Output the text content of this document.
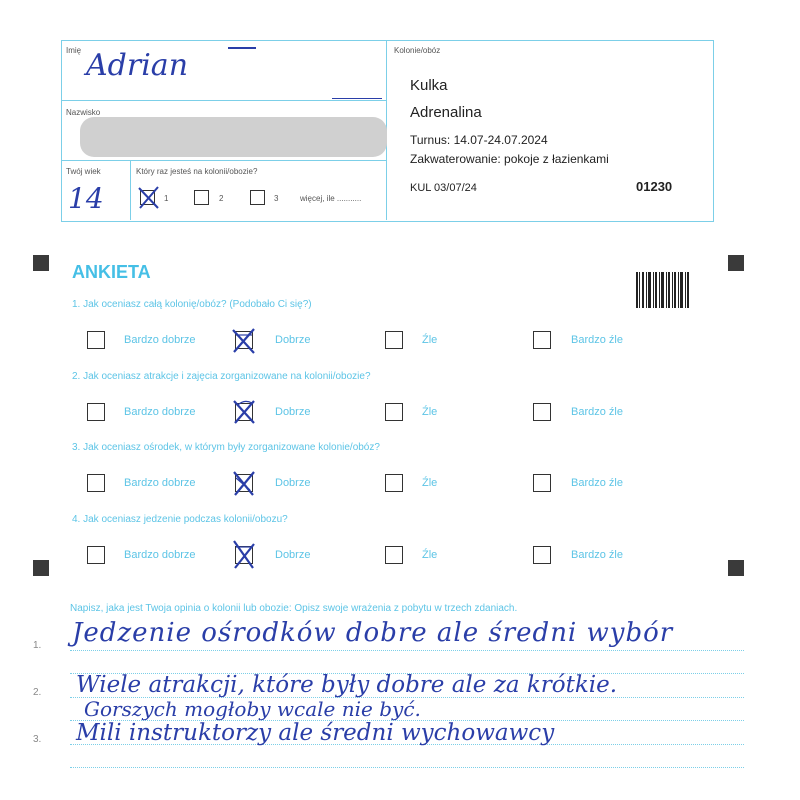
Imię Adrian
Nazwisko
Twój wiek
14
Który raz jesteś na kolonii/obozie?
1	2	3	więcej, ile ...........
Kolonie/obóz
Kulka
Adrenalina
Turnus: 14.07-24.07.2024
Zakwaterowanie: pokoje z łazienkami
KUL 03/07/24	01230
ANKIETA
1. Jak oceniasz całą kolonię/obóz? (Podobało Ci się?)
2. Jak oceniasz atrakcje i zajęcia zorganizowane na kolonii/obozie?
3. Jak oceniasz ośrodek, w którym były zorganizowane kolonie/obóz?
4. Jak oceniasz jedzenie podczas kolonii/obozu?
Bardzo dobrze	Dobrze	Źle	Bardzo źle
Bardzo dobrze	Dobrze	Źle	Bardzo źle
Bardzo dobrze	Dobrze	Źle	Bardzo źle
Bardzo dobrze	Dobrze	Źle	Bardzo źle
Napisz, jaka jest Twoja opinia o kolonii lub obozie: Opisz swoje wrażenia z pobytu w trzech zdaniach.
1.
2.
3.
Jedzenie ośrodków dobre ale średni wybór
Wiele atrakcji, które były dobre ale za krótkie.
Gorszych mogłoby wcale nie być.
Mili instruktorzy ale średni wychowawcy
